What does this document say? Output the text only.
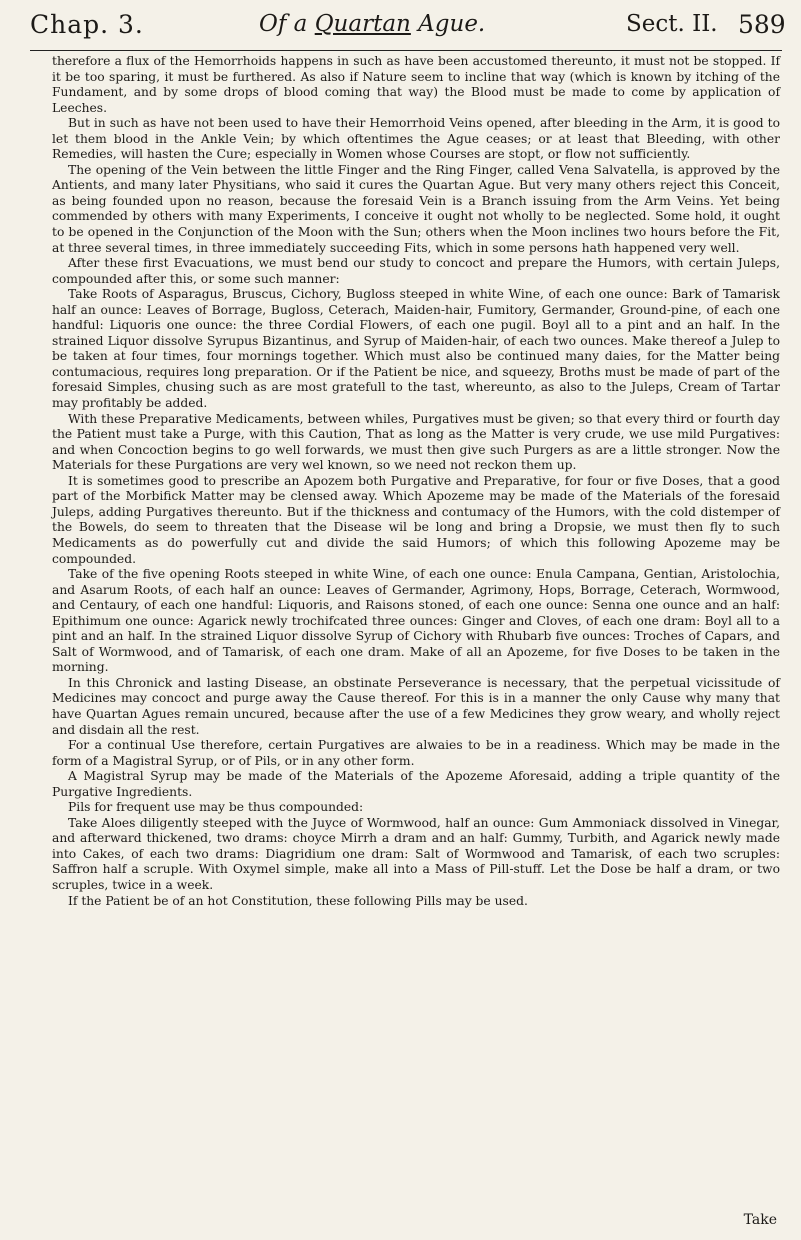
Chap. 3.	Of a Quartan Ague.	Sect. II. 589

therefore a flux of the Hemorrhoids happens in such as have been accustomed thereunto, it must not be stopped. If it be too sparing, it must be furthered. As also if Nature seem to incline that way (which is known by itching of the Fundament, and by some drops of blood coming that way) the Blood must be made to come by application of Leeches.

But in such as have not been used to have their Hemorrhoid Veins opened, after bleeding in the Arm, it is good to let them blood in the Ankle Vein; by which oftentimes the Ague ceases; or at least that Bleeding, with other Remedies, will hasten the Cure; especially in Women whose Courses are stopt, or flow not sufficiently.

The opening of the Vein between the little Finger and the Ring Finger, called Vena Salvatella, is approved by the Antients, and many later Physitians, who said it cures the Quartan Ague. But very many others reject this Conceit, as being founded upon no reason, because the foresaid Vein is a Branch issuing from the Arm Veins. Yet being commended by others with many Experiments, I conceive it ought not wholly to be neglected. Some hold, it ought to be opened in the Conjunction of the Moon with the Sun; others when the Moon inclines two hours before the Fit, at three several times, in three immediately succeeding Fits, which in some persons hath happened very well.

After these first Evacuations, we must bend our study to concoct and prepare the Humors, with certain Juleps, compounded after this, or some such manner:

Take Roots of Asparagus, Bruscus, Cichory, Bugloss steeped in white Wine, of each one ounce: Bark of Tamarisk half an ounce: Leaves of Borrage, Bugloss, Ceterach, Maiden-hair, Fumitory, Germander, Ground-pine, of each one handful: Liquoris one ounce: the three Cordial Flowers, of each one pugil. Boyl all to a pint and an half. In the strained Liquor dissolve Syrupus Bizantinus, and Syrup of Maiden-hair, of each two ounces. Make thereof a Julep to be taken at four times, four mornings together. Which must also be continued many daies, for the Matter being contumacious, requires long preparation. Or if the Patient be nice, and squeezy, Broths must be made of part of the foresaid Simples, chusing such as are most gratefull to the tast, whereunto, as also to the Juleps, Cream of Tartar may profitably be added.

With these Preparative Medicaments, between whiles, Purgatives must be given; so that every third or fourth day the Patient must take a Purge, with this Caution, That as long as the Matter is very crude, we use mild Purgatives: and when Concoction begins to go well forwards, we must then give such Purgers as are a little stronger. Now the Materials for these Purgations are very wel known, so we need not reckon them up.

It is sometimes good to prescribe an Apozem both Purgative and Preparative, for four or five Doses, that a good part of the Morbifick Matter may be clensed away. Which Apozeme may be made of the Materials of the foresaid Juleps, adding Purgatives thereunto. But if the thickness and contumacy of the Humors, with the cold distemper of the Bowels, do seem to threaten that the Disease wil be long and bring a Dropsie, we must then fly to such Medicaments as do powerfully cut and divide the said Humors; of which this following Apozeme may be compounded.

Take of the five opening Roots steeped in white Wine, of each one ounce: Enula Campana, Gentian, Aristolochia, and Asarum Roots, of each half an ounce: Leaves of Germander, Agrimony, Hops, Borrage, Ceterach, Wormwood, and Centaury, of each one handful: Liquoris, and Raisons stoned, of each one ounce: Senna one ounce and an half: Epithimum one ounce: Agarick newly trochifcated three ounces: Ginger and Cloves, of each one dram: Boyl all to a pint and an half. In the strained Liquor dissolve Syrup of Cichory with Rhubarb five ounces: Troches of Capars, and Salt of Wormwood, and of Tamarisk, of each one dram. Make of all an Apozeme, for five Doses to be taken in the morning.

In this Chronick and lasting Disease, an obstinate Perseverance is necessary, that the perpetual vicissitude of Medicines may concoct and purge away the Cause thereof. For this is in a manner the only Cause why many that have Quartan Agues remain uncured, because after the use of a few Medicines they grow weary, and wholly reject and disdain all the rest.

For a continual Use therefore, certain Purgatives are alwaies to be in a readiness. Which may be made in the form of a Magistral Syrup, or of Pils, or in any other form.

A Magistral Syrup may be made of the Materials of the Apozeme Aforesaid, adding a triple quantity of the Purgative Ingredients.

Pils for frequent use may be thus compounded:

Take Aloes diligently steeped with the Juyce of Wormwood, half an ounce: Gum Ammoniack dissolved in Vinegar, and afterward thickened, two drams: choyce Mirrh a dram and an half: Gummy, Turbith, and Agarick newly made into Cakes, of each two drams: Diagridium one dram: Salt of Wormwood and Tamarisk, of each two scruples: Saffron half a scruple. With Oxymel simple, make all into a Mass of Pill-stuff. Let the Dose be half a dram, or two scruples, twice in a week.

If the Patient be of an hot Constitution, these following Pills may be used.

Take
